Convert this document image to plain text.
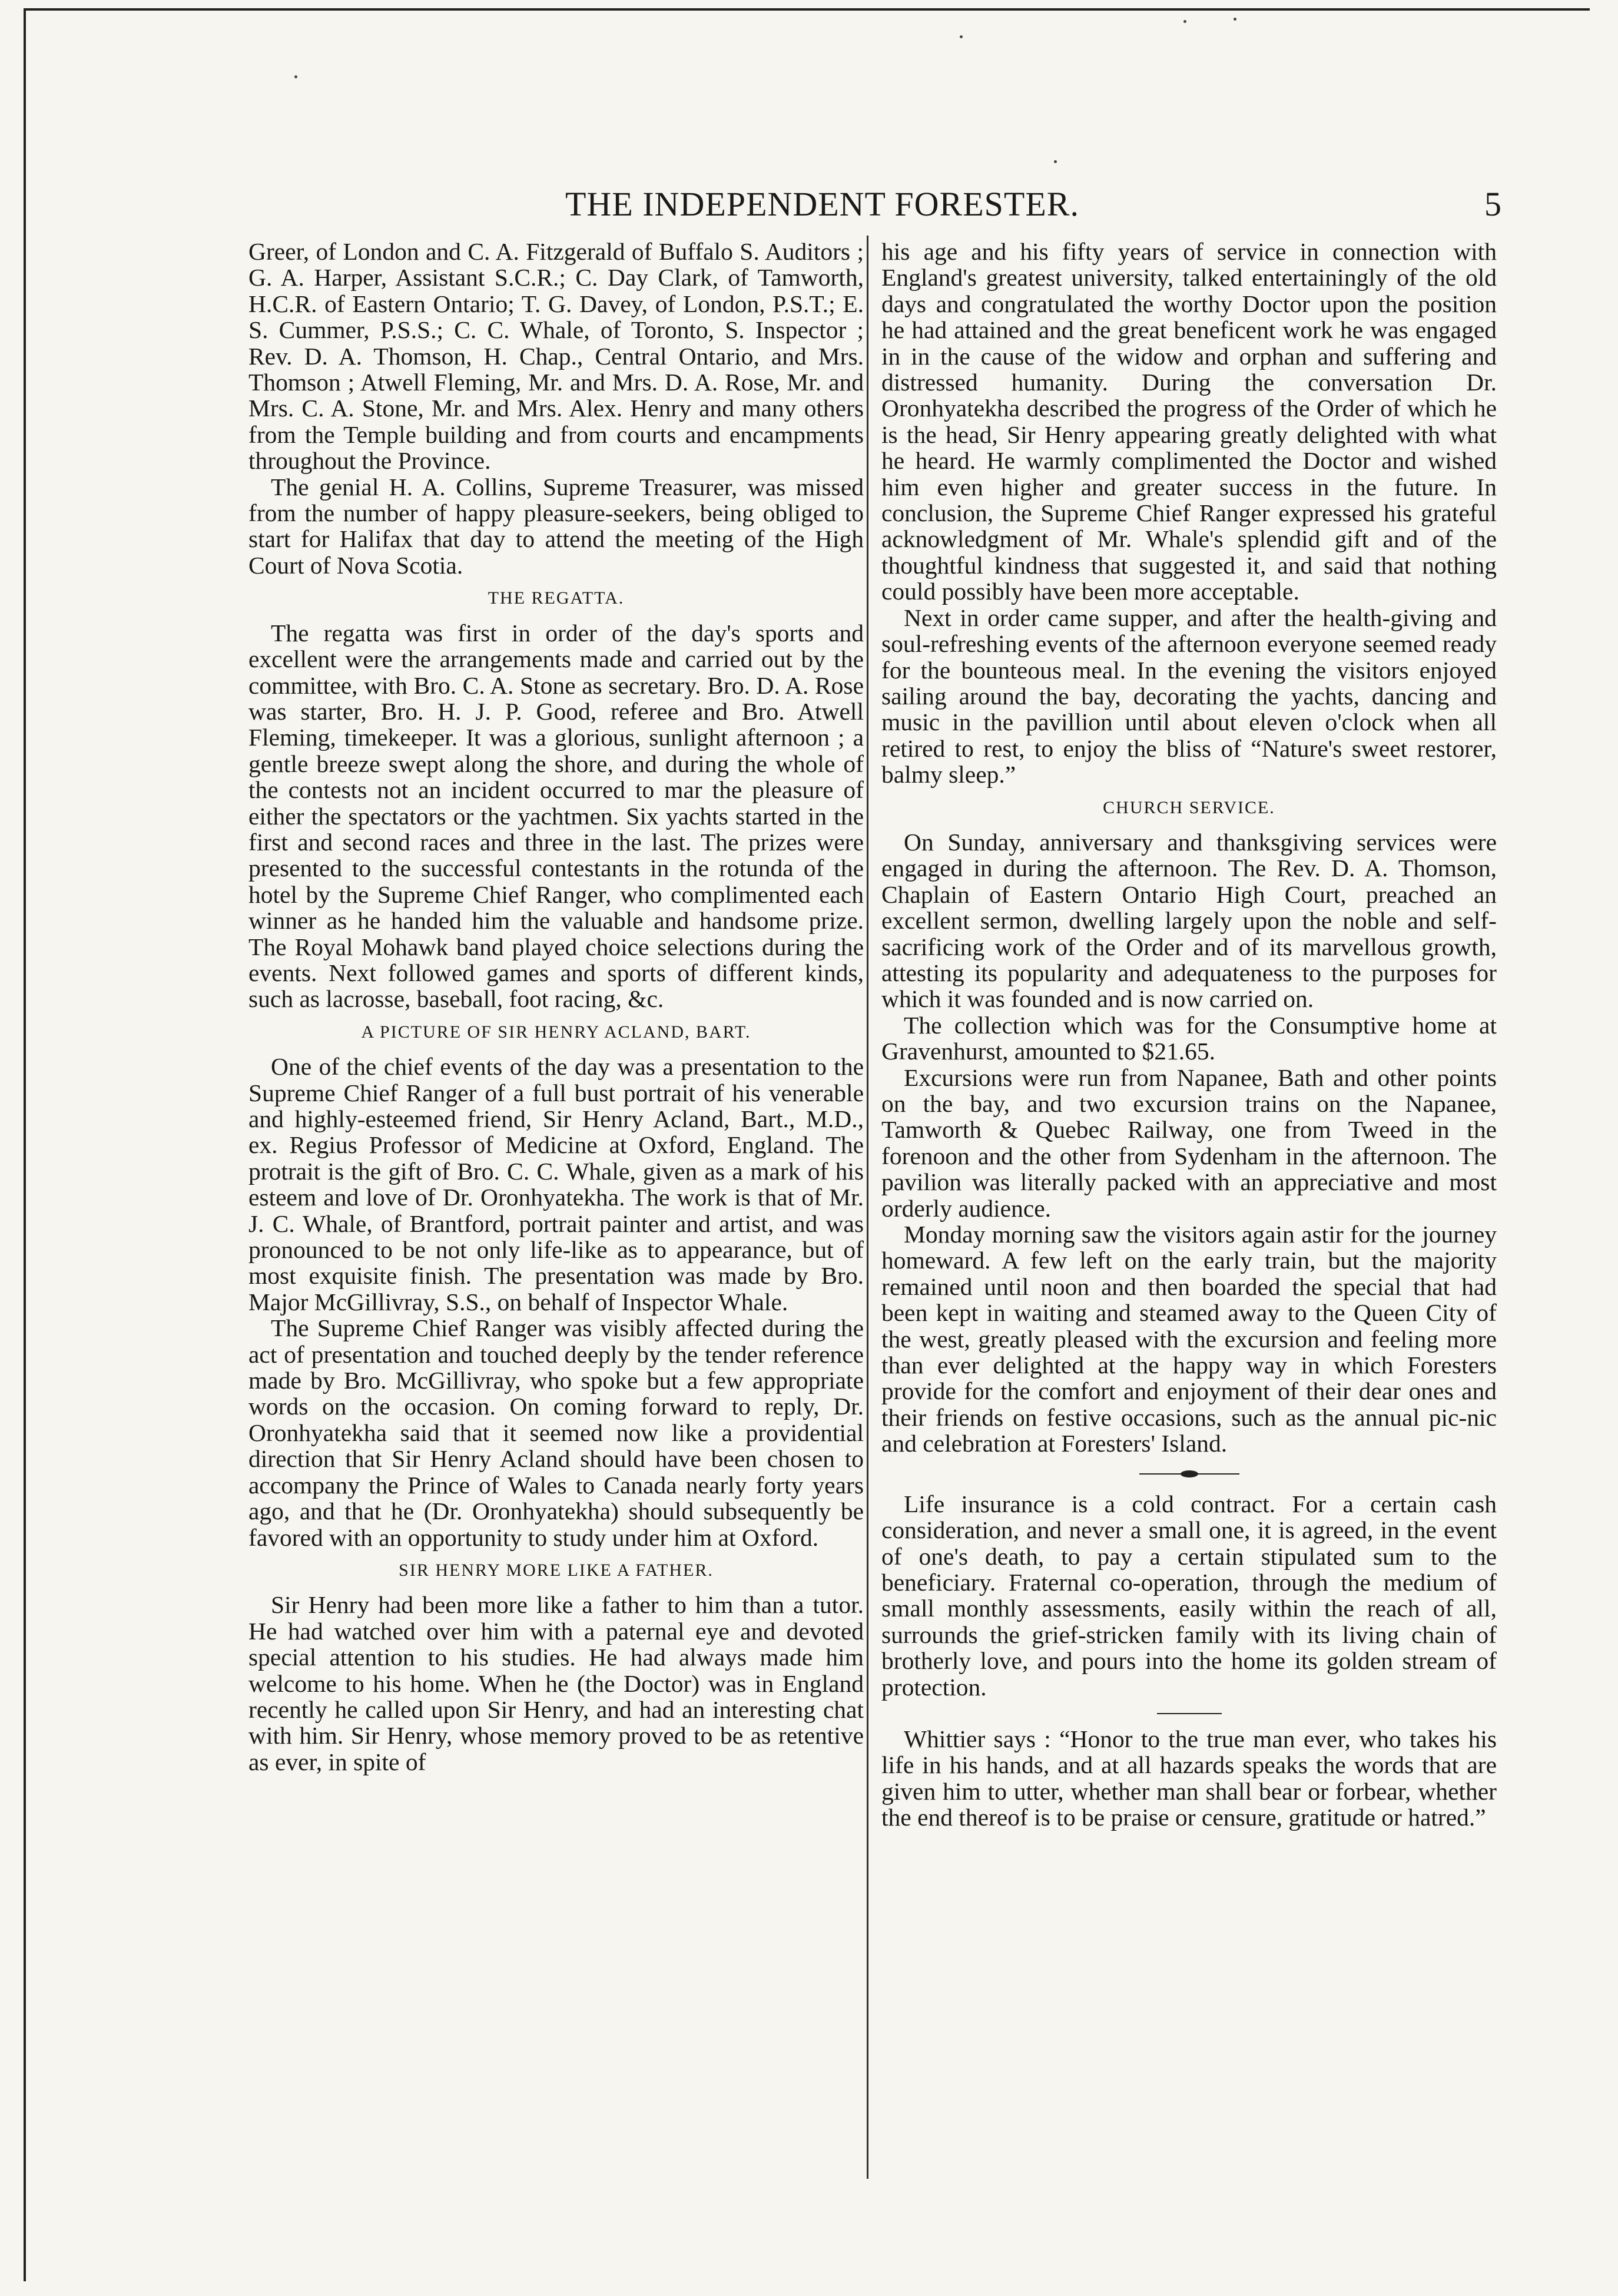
THE INDEPENDENT FORESTER.	5

Greer, of London and C. A. Fitzgerald of Buffalo S. Auditors ; G. A. Harper, Assistant S.C.R.; C. Day Clark, of Tamworth, H.C.R. of Eastern Ontario; T. G. Davey, of London, P.S.T.; E. S. Cummer, P.S.S.; C. C. Whale, of Toronto, S. Inspector ; Rev. D. A. Thomson, H. Chap., Central Ontario, and Mrs. Thomson ; Atwell Fleming, Mr. and Mrs. D. A. Rose, Mr. and Mrs. C. A. Stone, Mr. and Mrs. Alex. Henry and many others from the Temple building and from courts and encampments throughout the Province.

The genial H. A. Collins, Supreme Treasurer, was missed from the number of happy pleasure-seekers, being obliged to start for Halifax that day to attend the meeting of the High Court of Nova Scotia.

THE REGATTA.

The regatta was first in order of the day's sports and excellent were the arrangements made and carried out by the committee, with Bro. C. A. Stone as secretary. Bro. D. A. Rose was starter, Bro. H. J. P. Good, referee and Bro. Atwell Fleming, timekeeper. It was a glorious, sunlight afternoon ; a gentle breeze swept along the shore, and during the whole of the contests not an incident occurred to mar the pleasure of either the spectators or the yachtmen. Six yachts started in the first and second races and three in the last. The prizes were presented to the successful contestants in the rotunda of the hotel by the Supreme Chief Ranger, who complimented each winner as he handed him the valuable and handsome prize. The Royal Mohawk band played choice selections during the events. Next followed games and sports of different kinds, such as lacrosse, baseball, foot racing, &c.

A PICTURE OF SIR HENRY ACLAND, BART.

One of the chief events of the day was a presentation to the Supreme Chief Ranger of a full bust portrait of his venerable and highly-esteemed friend, Sir Henry Acland, Bart., M.D., ex. Regius Professor of Medicine at Oxford, England. The protrait is the gift of Bro. C. C. Whale, given as a mark of his esteem and love of Dr. Oronhyatekha. The work is that of Mr. J. C. Whale, of Brantford, portrait painter and artist, and was pronounced to be not only life-like as to appearance, but of most exquisite finish. The presentation was made by Bro. Major McGillivray, S.S., on behalf of Inspector Whale.

The Supreme Chief Ranger was visibly affected during the act of presentation and touched deeply by the tender reference made by Bro. McGillivray, who spoke but a few appropriate words on the occasion. On coming forward to reply, Dr. Oronhyatekha said that it seemed now like a providential direction that Sir Henry Acland should have been chosen to accompany the Prince of Wales to Canada nearly forty years ago, and that he (Dr. Oronhyatekha) should subsequently be favored with an opportunity to study under him at Oxford.

SIR HENRY MORE LIKE A FATHER.

Sir Henry had been more like a father to him than a tutor. He had watched over him with a paternal eye and devoted special attention to his studies. He had always made him welcome to his home. When he (the Doctor) was in England recently he called upon Sir Henry, and had an interesting chat with him. Sir Henry, whose memory proved to be as retentive as ever, in spite of

his age and his fifty years of service in connection with England's greatest university, talked entertainingly of the old days and congratulated the worthy Doctor upon the position he had attained and the great beneficent work he was engaged in in the cause of the widow and orphan and suffering and distressed humanity. During the conversation Dr. Oronhyatekha described the progress of the Order of which he is the head, Sir Henry appearing greatly delighted with what he heard. He warmly complimented the Doctor and wished him even higher and greater success in the future. In conclusion, the Supreme Chief Ranger expressed his grateful acknowledgment of Mr. Whale's splendid gift and of the thoughtful kindness that suggested it, and said that nothing could possibly have been more acceptable.

Next in order came supper, and after the health-giving and soul-refreshing events of the afternoon everyone seemed ready for the bounteous meal. In the evening the visitors enjoyed sailing around the bay, decorating the yachts, dancing and music in the pavillion until about eleven o'clock when all retired to rest, to enjoy the bliss of “Nature's sweet restorer, balmy sleep.”

CHURCH SERVICE.

On Sunday, anniversary and thanksgiving services were engaged in during the afternoon. The Rev. D. A. Thomson, Chaplain of Eastern Ontario High Court, preached an excellent sermon, dwelling largely upon the noble and self-sacrificing work of the Order and of its marvellous growth, attesting its popularity and adequateness to the purposes for which it was founded and is now carried on.

The collection which was for the Consumptive home at Gravenhurst, amounted to $21.65.

Excursions were run from Napanee, Bath and other points on the bay, and two excursion trains on the Napanee, Tamworth & Quebec Railway, one from Tweed in the forenoon and the other from Sydenham in the afternoon. The pavilion was literally packed with an appreciative and most orderly audience.

Monday morning saw the visitors again astir for the journey homeward. A few left on the early train, but the majority remained until noon and then boarded the special that had been kept in waiting and steamed away to the Queen City of the west, greatly pleased with the excursion and feeling more than ever delighted at the happy way in which Foresters provide for the comfort and enjoyment of their dear ones and their friends on festive occasions, such as the annual pic-nic and celebration at Foresters' Island.

Life insurance is a cold contract. For a certain cash consideration, and never a small one, it is agreed, in the event of one's death, to pay a certain stipulated sum to the beneficiary. Fraternal co-operation, through the medium of small monthly assessments, easily within the reach of all, surrounds the grief-stricken family with its living chain of brotherly love, and pours into the home its golden stream of protection.

Whittier says : “Honor to the true man ever, who takes his life in his hands, and at all hazards speaks the words that are given him to utter, whether man shall bear or forbear, whether the end thereof is to be praise or censure, gratitude or hatred.”
